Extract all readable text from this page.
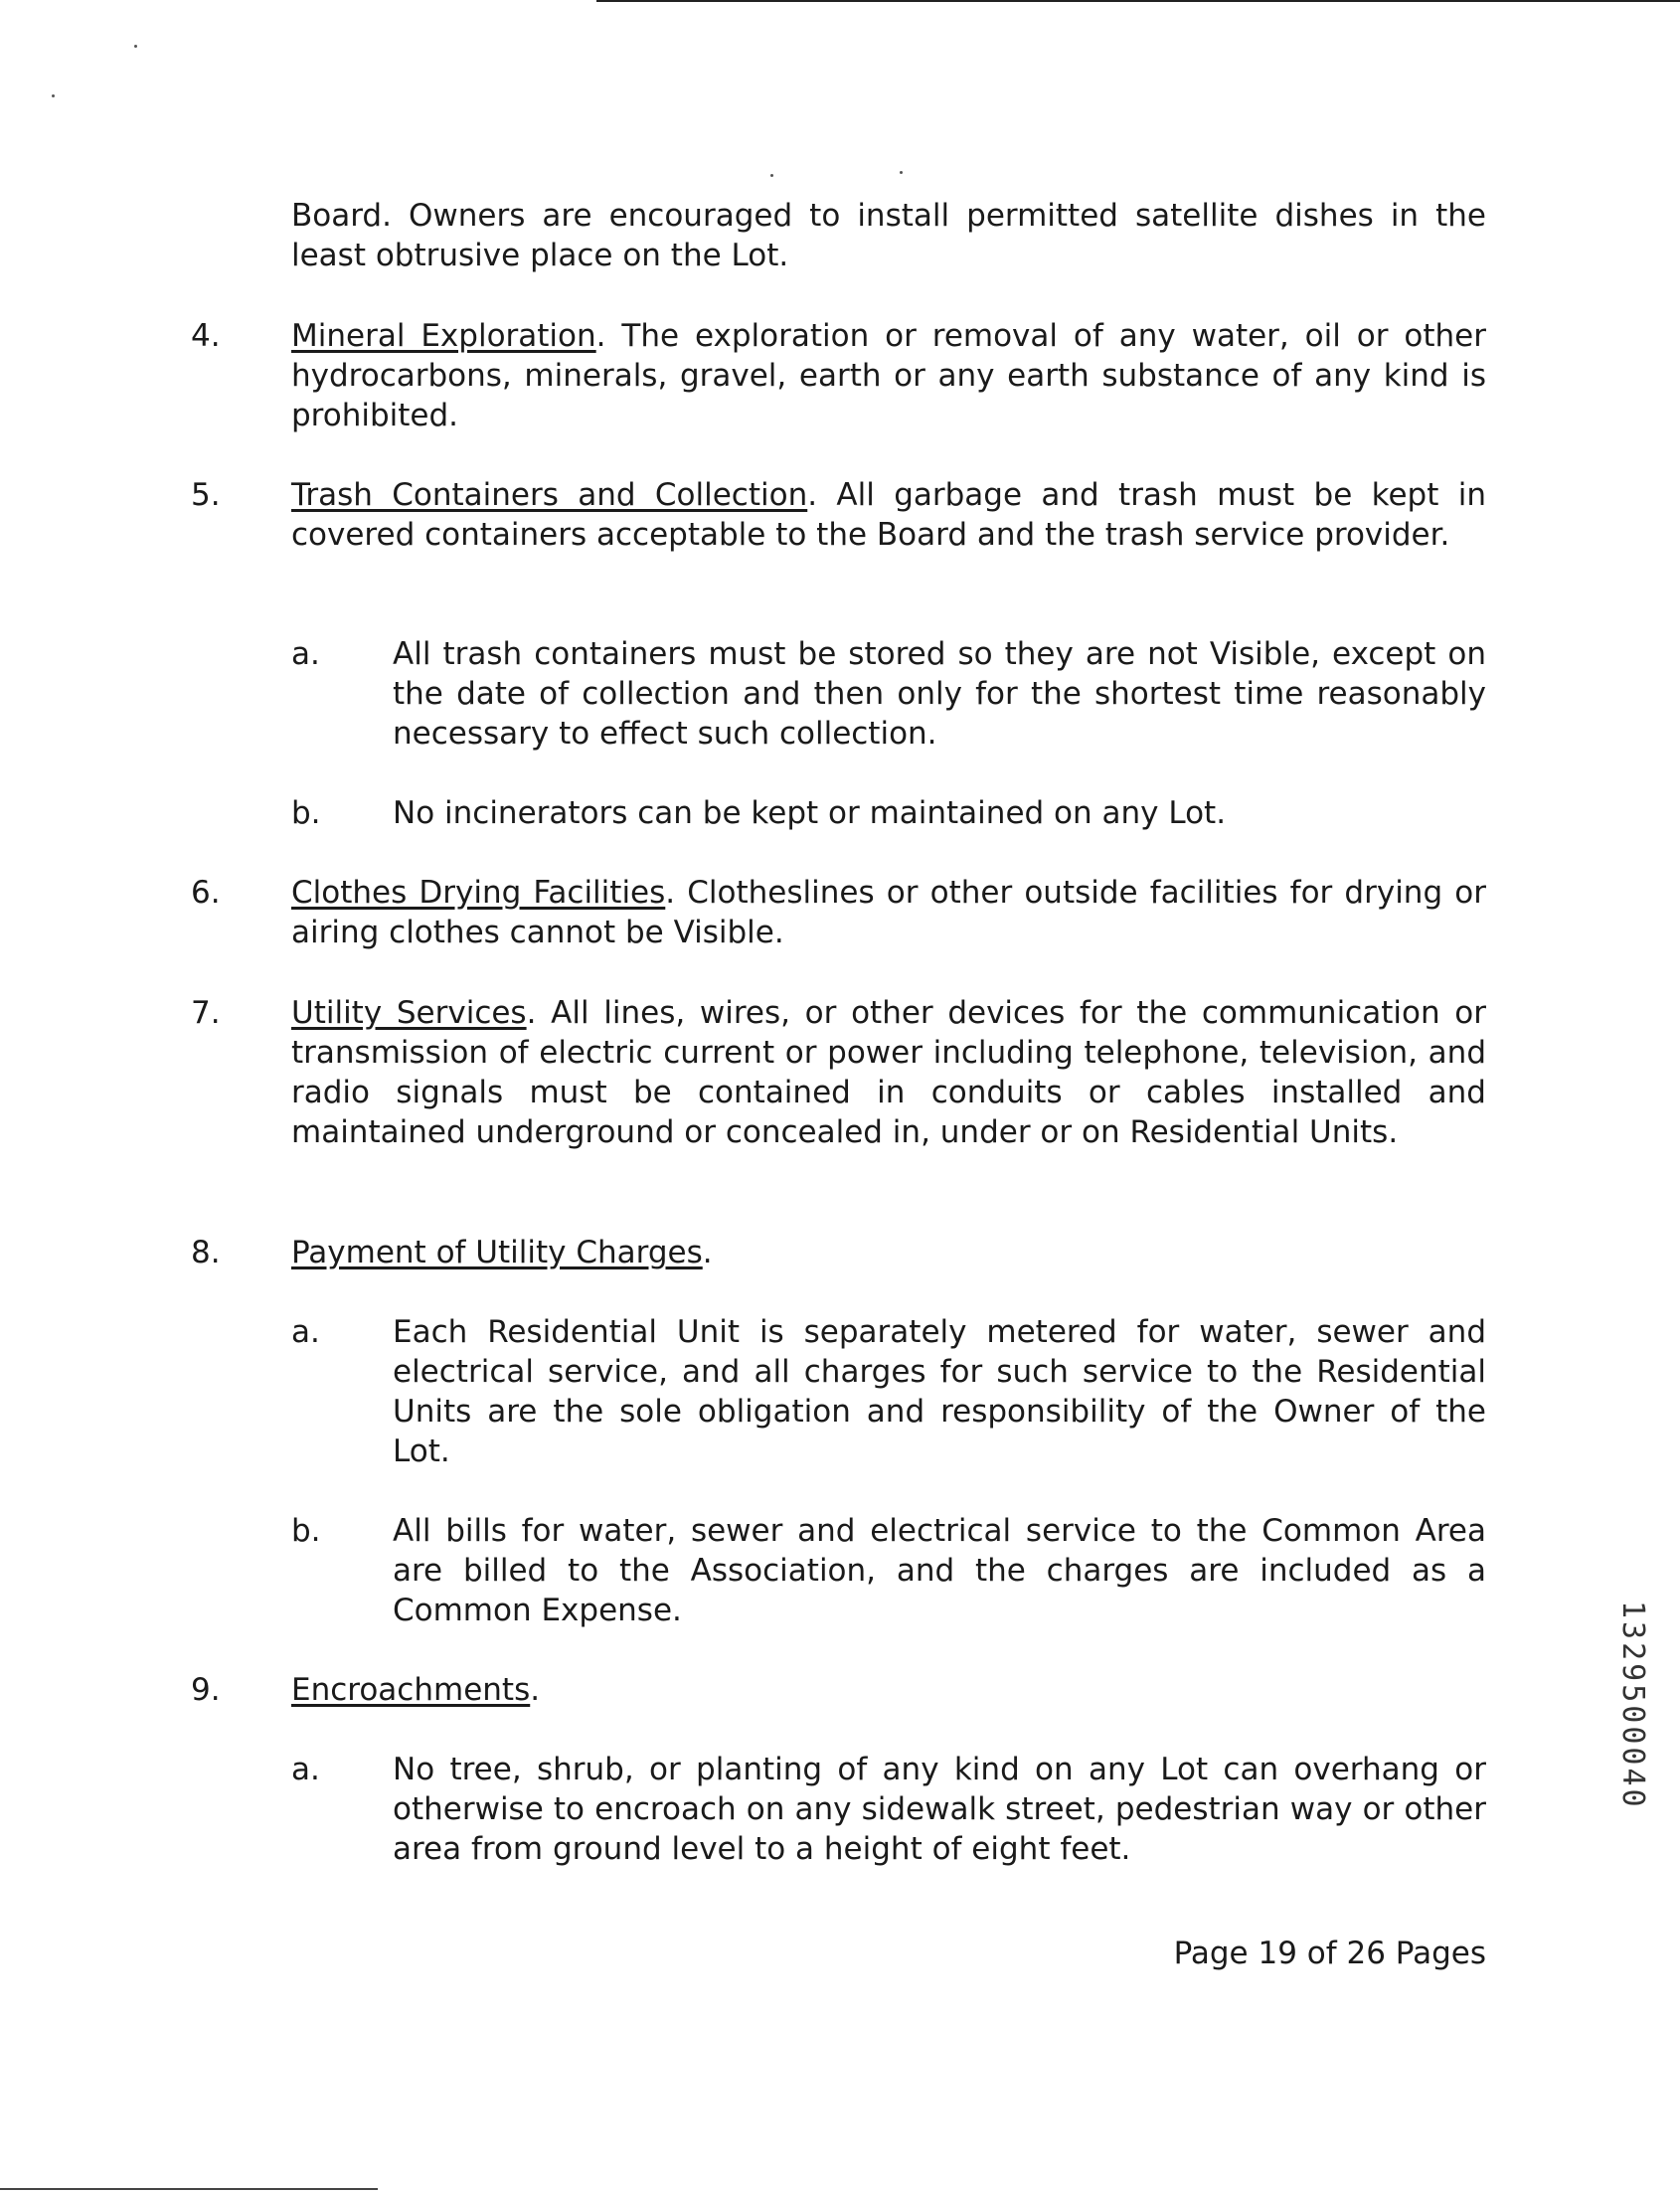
Board. Owners are encouraged to install permitted satellite dishes in the least obtrusive place on the Lot.

4. Mineral Exploration. The exploration or removal of any water, oil or other hydrocarbons, minerals, gravel, earth or any earth substance of any kind is prohibited.

5. Trash Containers and Collection. All garbage and trash must be kept in covered containers acceptable to the Board and the trash service provider.

a. All trash containers must be stored so they are not Visible, except on the date of collection and then only for the shortest time reasonably necessary to effect such collection.

b. No incinerators can be kept or maintained on any Lot.

6. Clothes Drying Facilities. Clotheslines or other outside facilities for drying or airing clothes cannot be Visible.

7. Utility Services. All lines, wires, or other devices for the communication or transmission of electric current or power including telephone, television, and radio signals must be contained in conduits or cables installed and maintained underground or concealed in, under or on Residential Units.

8. Payment of Utility Charges.

a. Each Residential Unit is separately metered for water, sewer and electrical service, and all charges for such service to the Residential Units are the sole obligation and responsibility of the Owner of the Lot.

b. All bills for water, sewer and electrical service to the Common Area are billed to the Association, and the charges are included as a Common Expense.

9. Encroachments.

a. No tree, shrub, or planting of any kind on any Lot can overhang or otherwise to encroach on any sidewalk street, pedestrian way or other area from ground level to a height of eight feet.

Page 19 of 26 Pages
1329500040
